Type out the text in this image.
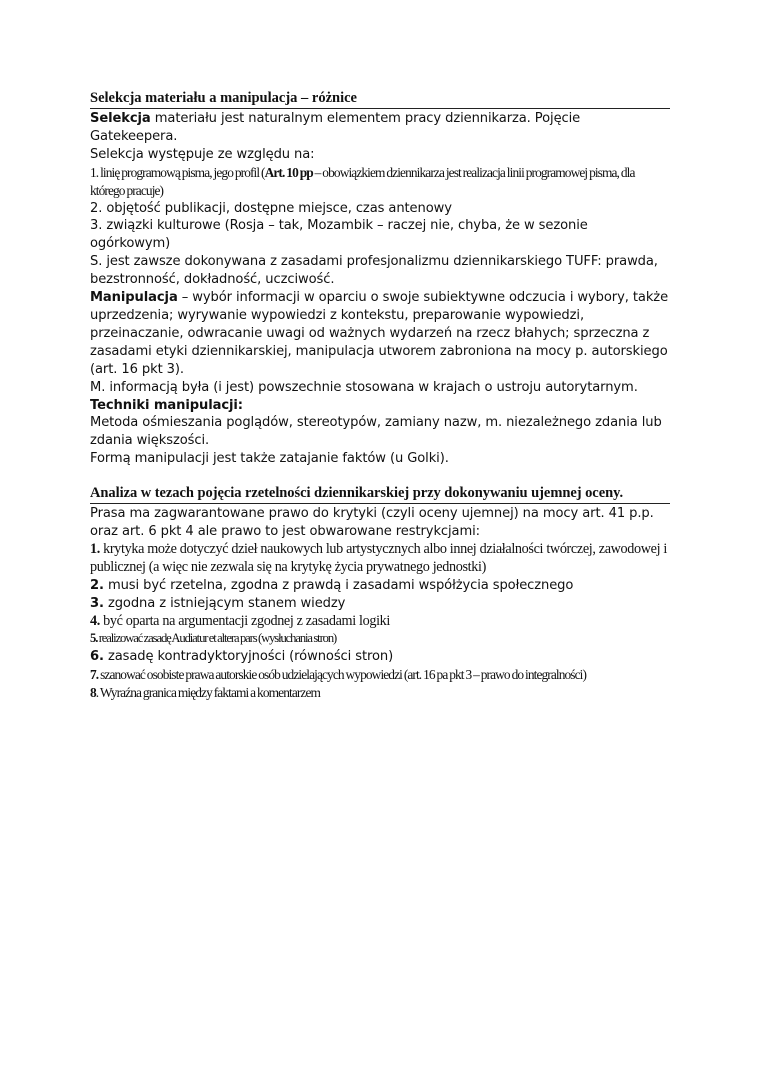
Selekcja materiału a manipulacja – różnice

Selekcja materiału jest naturalnym elementem pracy dziennikarza. Pojęcie Gatekeepera.

Selekcja występuje ze względu na:

1. linię programową pisma, jego profil (Art. 10 pp – obowiązkiem dziennikarza jest realizacja linii programowej pisma, dla którego pracuje)

2. objętość publikacji, dostępne miejsce, czas antenowy

3. związki kulturowe (Rosja – tak, Mozambik – raczej nie, chyba, że w sezonie ogórkowym)

S. jest zawsze dokonywana z zasadami profesjonalizmu dziennikarskiego TUFF: prawda, bezstronność, dokładność, uczciwość.

Manipulacja – wybór informacji w oparciu o swoje subiektywne odczucia i wybory, także uprzedzenia; wyrywanie wypowiedzi z kontekstu, preparowanie wypowiedzi, przeinaczanie, odwracanie uwagi od ważnych wydarzeń na rzecz błahych; sprzeczna z zasadami etyki dziennikarskiej, manipulacja utworem zabroniona na mocy p. autorskiego (art. 16 pkt 3).

M. informacją była (i jest) powszechnie stosowana w krajach o ustroju autorytarnym.

Techniki manipulacji:

Metoda ośmieszania poglądów, stereotypów, zamiany nazw, m. niezależnego zdania lub zdania większości.

Formą manipulacji jest także zatajanie faktów (u Golki).

Analiza w tezach pojęcia rzetelności dziennikarskiej przy dokonywaniu ujemnej oceny.

Prasa ma zagwarantowane prawo do krytyki (czyli oceny ujemnej) na mocy art. 41 p.p. oraz art. 6 pkt 4 ale prawo to jest obwarowane restrykcjami:

1. krytyka może dotyczyć dzieł naukowych lub artystycznych albo innej działalności twórczej, zawodowej i publicznej (a więc nie zezwala się na krytykę życia prywatnego jednostki)

2. musi być rzetelna, zgodna z prawdą i zasadami współżycia społecznego

3. zgodna z istniejącym stanem wiedzy

4. być oparta na argumentacji zgodnej z zasadami logiki

5. realizować zasadę Audiatur et altera pars (wysłuchania stron)

6. zasadę kontradyktoryjności (równości stron)

7. szanować osobiste prawa autorskie osób udzielających wypowiedzi (art. 16 pa pkt 3 – prawo do integralności)

8. Wyraźna granica między faktami a komentarzem
